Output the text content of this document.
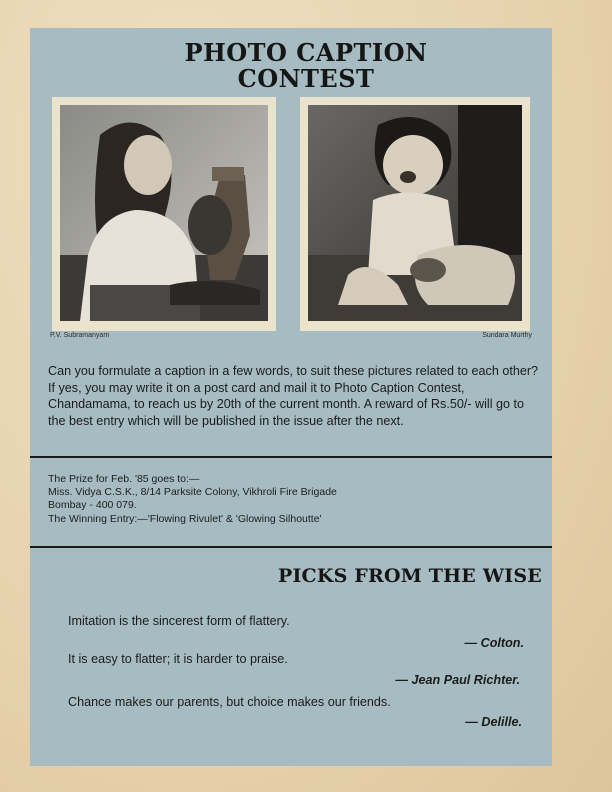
PHOTO CAPTION
CONTEST
P.V. Subramanyam	Sundara Murthy
Can you formulate a caption in a few words, to suit these pictures related to each other? If yes, you may write it on a post card and mail it to Photo Caption Contest, Chandamama, to reach us by 20th of the current month. A reward of Rs.50/- will go to the best entry which will be published in the issue after the next.
The Prize for Feb. '85 goes to:—
Miss. Vidya C.S.K., 8/14 Parksite Colony, Vikhroli Fire Brigade
Bombay - 400 079.
The Winning Entry:—'Flowing Rivulet' & 'Glowing Silhoutte'
PICKS FROM THE WISE
Imitation is the sincerest form of flattery.
— Colton.
It is easy to flatter; it is harder to praise.
— Jean Paul Richter.
Chance makes our parents, but choice makes our friends.
— Delille.
